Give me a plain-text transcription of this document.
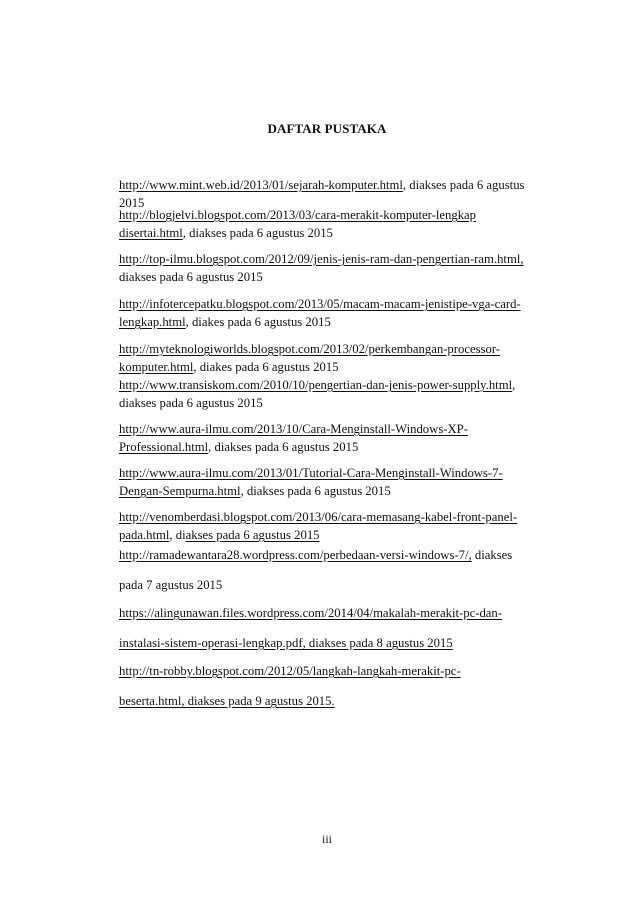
DAFTAR PUSTAKA

http://www.mint.web.id/2013/01/sejarah-komputer.html, diakses pada 6 agustus
2015

http://blogjelvi.blogspot.com/2013/03/cara-merakit-komputer-lengkap
disertai.html, diakses pada 6 agustus 2015

http://top-ilmu.blogspot.com/2012/09/jenis-jenis-ram-dan-pengertian-ram.html,
diakses pada 6 agustus 2015

http://infotercepatku.blogspot.com/2013/05/macam-macam-jenistipe-vga-card-
lengkap.html, diakes pada 6 agustus 2015

http://myteknologiworlds.blogspot.com/2013/02/perkembangan-processor-
komputer.html, diakes pada 6 agustus 2015

http://www.transiskom.com/2010/10/pengertian-dan-jenis-power-supply.html,
diakses pada 6 agustus 2015

http://www.aura-ilmu.com/2013/10/Cara-Menginstall-Windows-XP-
Professional.html, diakses pada 6 agustus 2015

http://www.aura-ilmu.com/2013/01/Tutorial-Cara-Menginstall-Windows-7-
Dengan-Sempurna.html, diakses pada 6 agustus 2015

http://venomberdasi.blogspot.com/2013/06/cara-memasang-kabel-front-panel-
pada.html, diakses pada 6 agustus 2015

http://ramadewantara28.wordpress.com/perbedaan-versi-windows-7/, diakses
pada 7 agustus 2015

https://alingunawan.files.wordpress.com/2014/04/makalah-merakit-pc-dan-
instalasi-sistem-operasi-lengkap.pdf, diakses pada 8 agustus 2015

http://tn-robby.blogspot.com/2012/05/langkah-langkah-merakit-pc-
beserta.html, diakses pada 9 agustus 2015.

iii
